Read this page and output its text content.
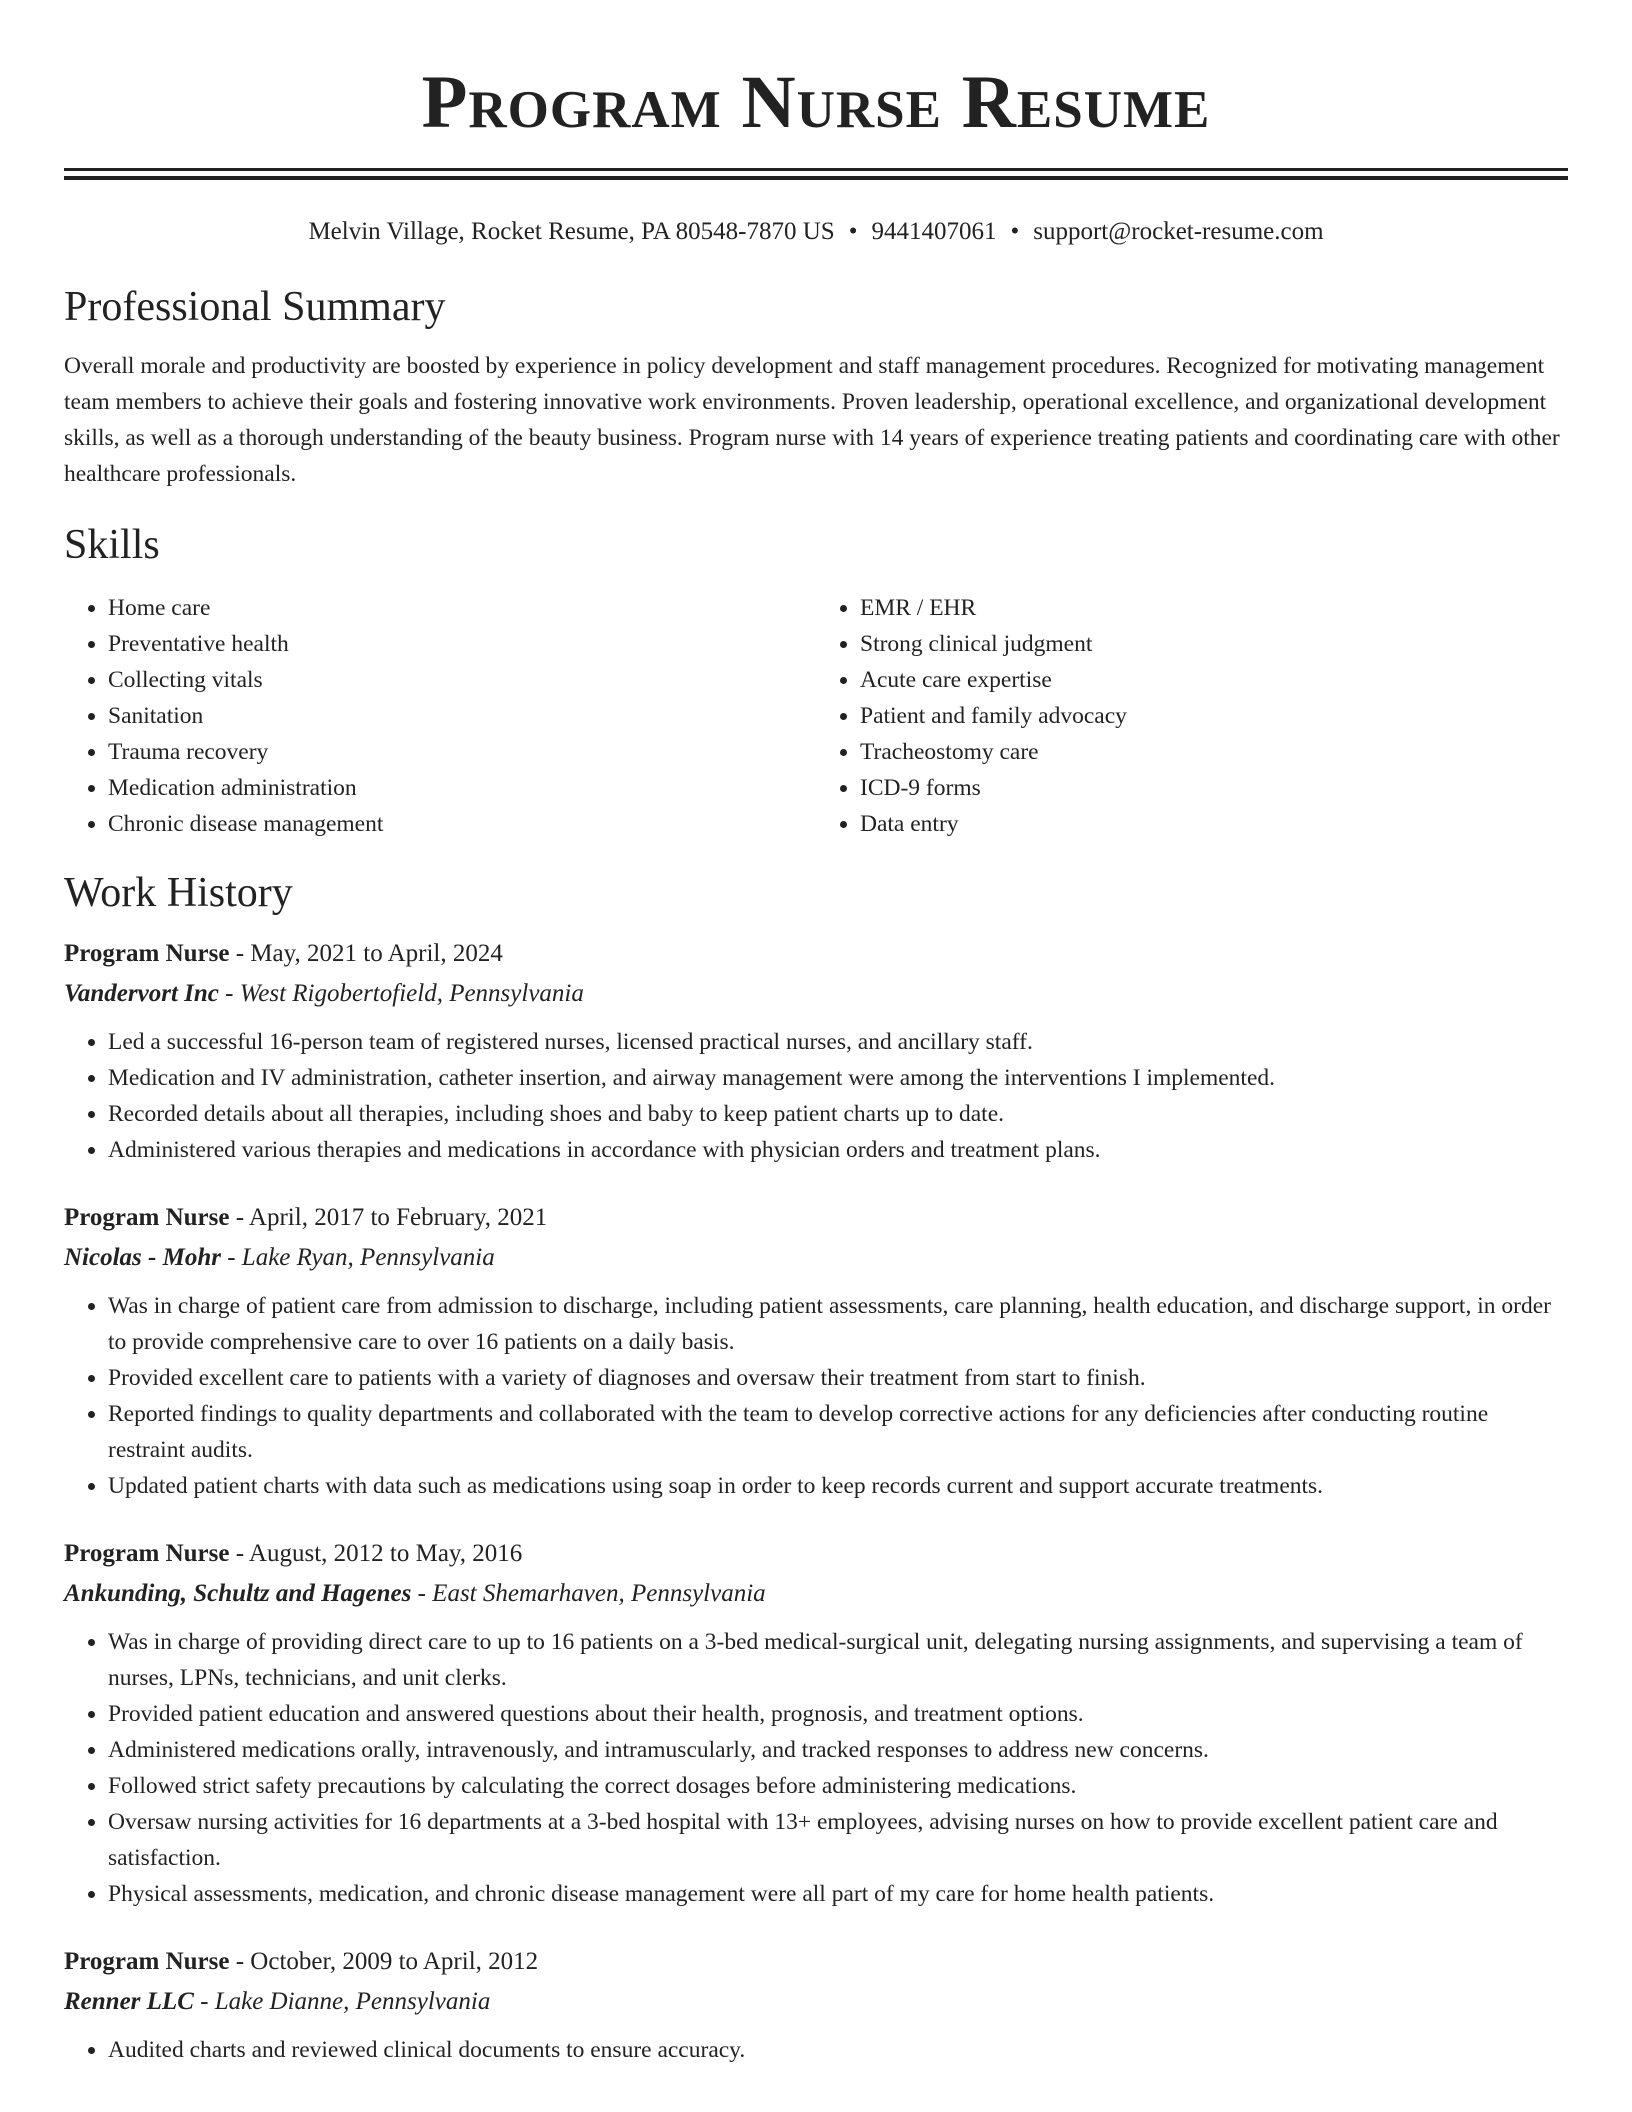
Program Nurse Resume
Melvin Village, Rocket Resume, PA 80548-7870 US • 9441407061 • support@rocket-resume.com
Professional Summary

Overall morale and productivity are boosted by experience in policy development and staff management procedures. Recognized for motivating management team members to achieve their goals and fostering innovative work environments. Proven leadership, operational excellence, and organizational development skills, as well as a thorough understanding of the beauty business. Program nurse with 14 years of experience treating patients and coordinating care with other healthcare professionals.

Skills
• Home care
• Preventative health
• Collecting vitals
• Sanitation
• Trauma recovery
• Medication administration
• Chronic disease management
• EMR / EHR
• Strong clinical judgment
• Acute care expertise
• Patient and family advocacy
• Tracheostomy care
• ICD-9 forms
• Data entry
Work History
Program Nurse - May, 2021 to April, 2024
Vandervort Inc - West Rigobertofield, Pennsylvania
• Led a successful 16-person team of registered nurses, licensed practical nurses, and ancillary staff.
• Medication and IV administration, catheter insertion, and airway management were among the interventions I implemented.
• Recorded details about all therapies, including shoes and baby to keep patient charts up to date.
• Administered various therapies and medications in accordance with physician orders and treatment plans.
Program Nurse - April, 2017 to February, 2021
Nicolas - Mohr - Lake Ryan, Pennsylvania
• Was in charge of patient care from admission to discharge, including patient assessments, care planning, health education, and discharge support, in order to provide comprehensive care to over 16 patients on a daily basis.
• Provided excellent care to patients with a variety of diagnoses and oversaw their treatment from start to finish.
• Reported findings to quality departments and collaborated with the team to develop corrective actions for any deficiencies after conducting routine restraint audits.
• Updated patient charts with data such as medications using soap in order to keep records current and support accurate treatments.
Program Nurse - August, 2012 to May, 2016
Ankunding, Schultz and Hagenes - East Shemarhaven, Pennsylvania
• Was in charge of providing direct care to up to 16 patients on a 3-bed medical-surgical unit, delegating nursing assignments, and supervising a team of nurses, LPNs, technicians, and unit clerks.
• Provided patient education and answered questions about their health, prognosis, and treatment options.
• Administered medications orally, intravenously, and intramuscularly, and tracked responses to address new concerns.
• Followed strict safety precautions by calculating the correct dosages before administering medications.
• Oversaw nursing activities for 16 departments at a 3-bed hospital with 13+ employees, advising nurses on how to provide excellent patient care and satisfaction.
• Physical assessments, medication, and chronic disease management were all part of my care for home health patients.
Program Nurse - October, 2009 to April, 2012
Renner LLC - Lake Dianne, Pennsylvania
• Audited charts and reviewed clinical documents to ensure accuracy.
